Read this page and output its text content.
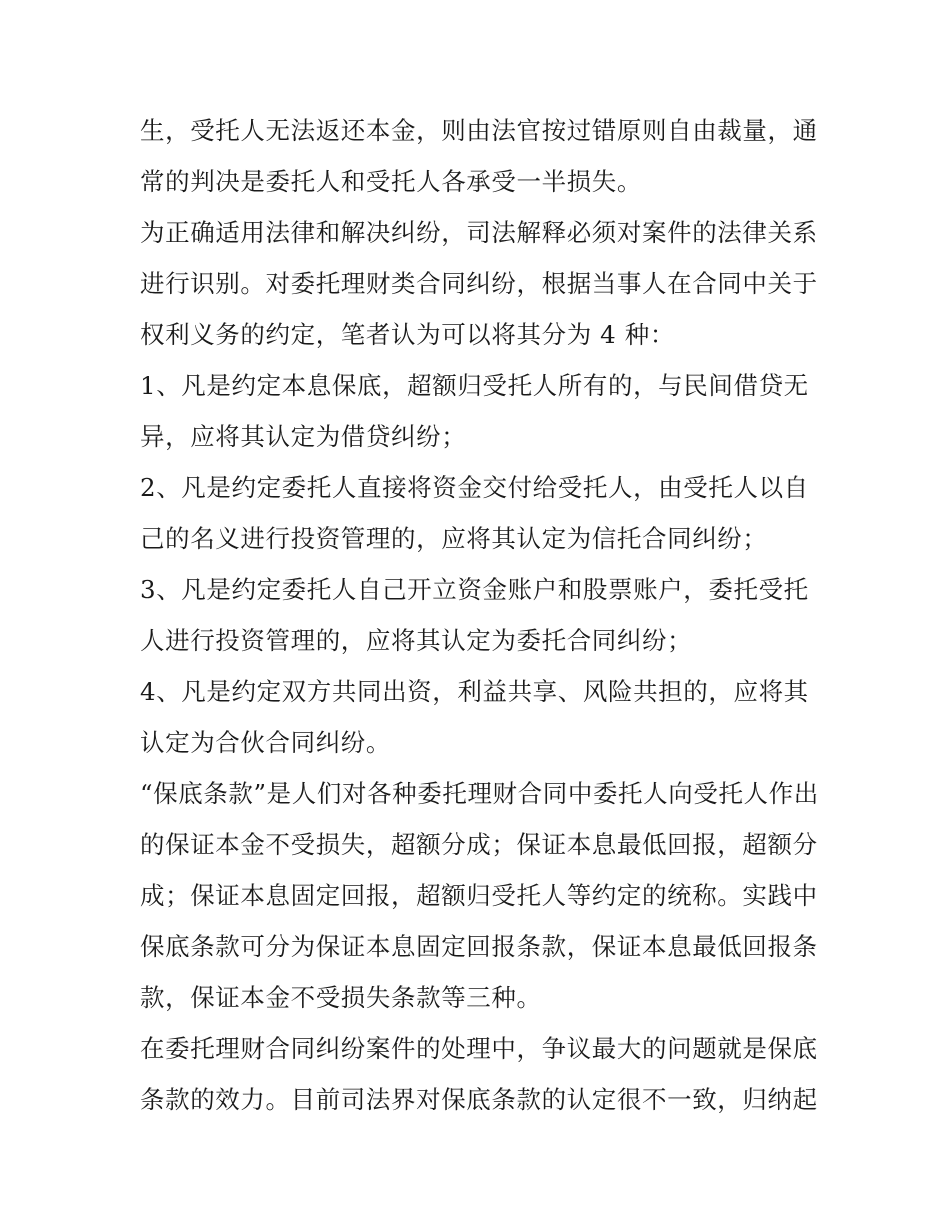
生，受托人无法返还本金，则由法官按过错原则自由裁量，通
常的判决是委托人和受托人各承受一半损失。
为正确适用法律和解决纠纷，司法解释必须对案件的法律关系
进行识别。对委托理财类合同纠纷，根据当事人在合同中关于
权利义务的约定，笔者认为可以将其分为 4 种：
1、凡是约定本息保底，超额归受托人所有的，与民间借贷无
异，应将其认定为借贷纠纷；
2、凡是约定委托人直接将资金交付给受托人，由受托人以自
己的名义进行投资管理的，应将其认定为信托合同纠纷；
3、凡是约定委托人自己开立资金账户和股票账户，委托受托
人进行投资管理的，应将其认定为委托合同纠纷；
4、凡是约定双方共同出资，利益共享、风险共担的，应将其
认定为合伙合同纠纷。
“保底条款”是人们对各种委托理财合同中委托人向受托人作出
的保证本金不受损失，超额分成；保证本息最低回报，超额分
成；保证本息固定回报，超额归受托人等约定的统称。实践中
保底条款可分为保证本息固定回报条款，保证本息最低回报条
款，保证本金不受损失条款等三种。
在委托理财合同纠纷案件的处理中，争议最大的问题就是保底
条款的效力。目前司法界对保底条款的认定很不一致，归纳起
